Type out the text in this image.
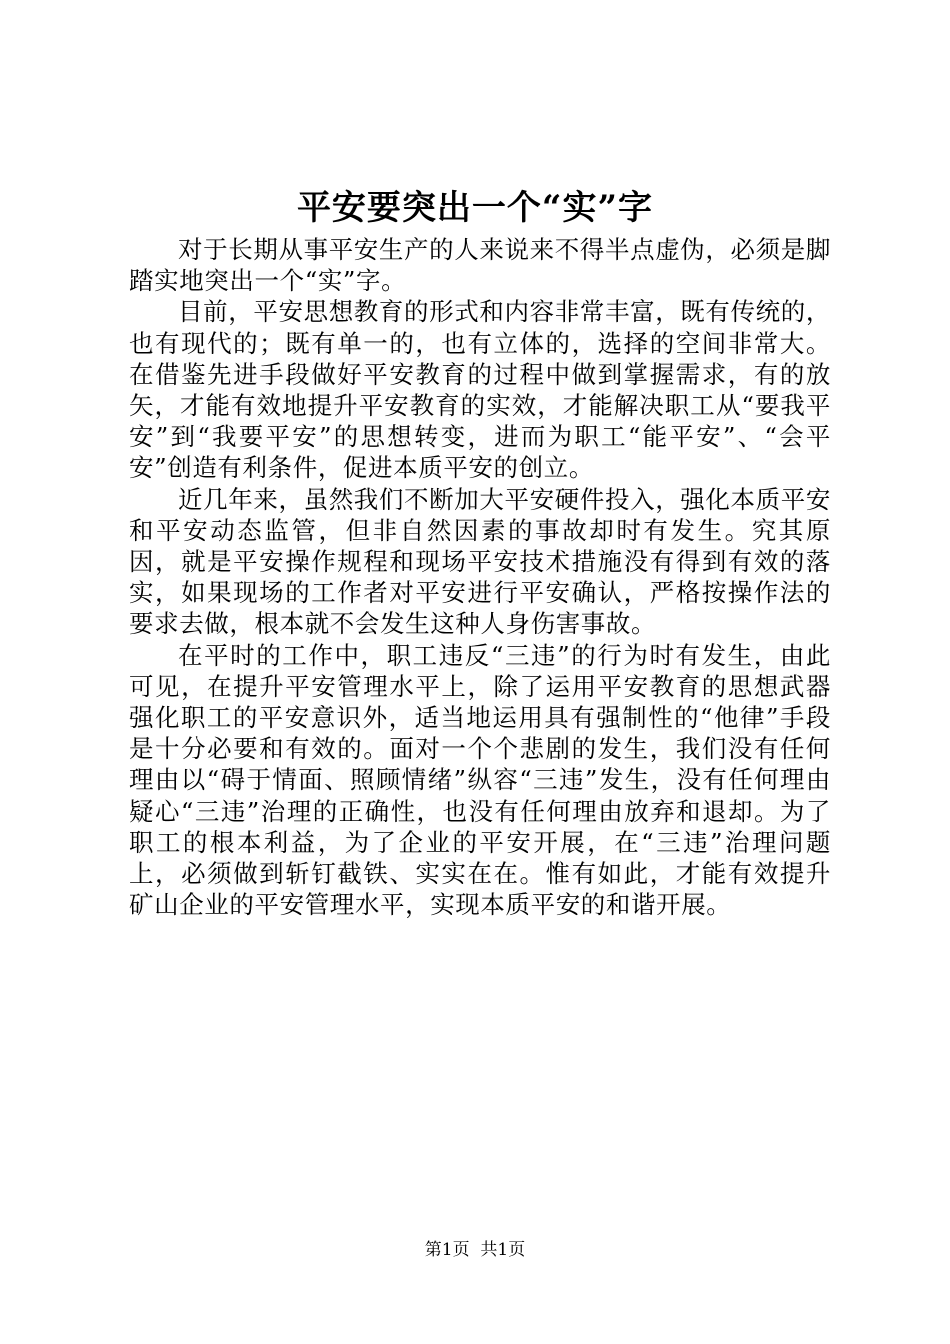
平安要突出一个“实”字

对于长期从事平安生产的人来说来不得半点虚伪，必须是脚踏实地突出一个“实”字。

目前，平安思想教育的形式和内容非常丰富，既有传统的，也有现代的；既有单一的，也有立体的，选择的空间非常大。在借鉴先进手段做好平安教育的过程中做到掌握需求，有的放矢，才能有效地提升平安教育的实效，才能解决职工从“要我平安”到“我要平安”的思想转变，进而为职工“能平安”、“会平安”创造有利条件，促进本质平安的创立。

近几年来，虽然我们不断加大平安硬件投入，强化本质平安和平安动态监管，但非自然因素的事故却时有发生。究其原因，就是平安操作规程和现场平安技术措施没有得到有效的落实，如果现场的工作者对平安进行平安确认，严格按操作法的要求去做，根本就不会发生这种人身伤害事故。

在平时的工作中，职工违反“三违”的行为时有发生，由此可见，在提升平安管理水平上，除了运用平安教育的思想武器强化职工的平安意识外，适当地运用具有强制性的“他律”手段是十分必要和有效的。面对一个个悲剧的发生，我们没有任何理由以“碍于情面、照顾情绪”纵容“三违”发生，没有任何理由疑心“三违”治理的正确性，也没有任何理由放弃和退却。为了职工的根本利益，为了企业的平安开展，在“三违”治理问题上，必须做到斩钉截铁、实实在在。惟有如此，才能有效提升矿山企业的平安管理水平，实现本质平安的和谐开展。

第1页 共1页
